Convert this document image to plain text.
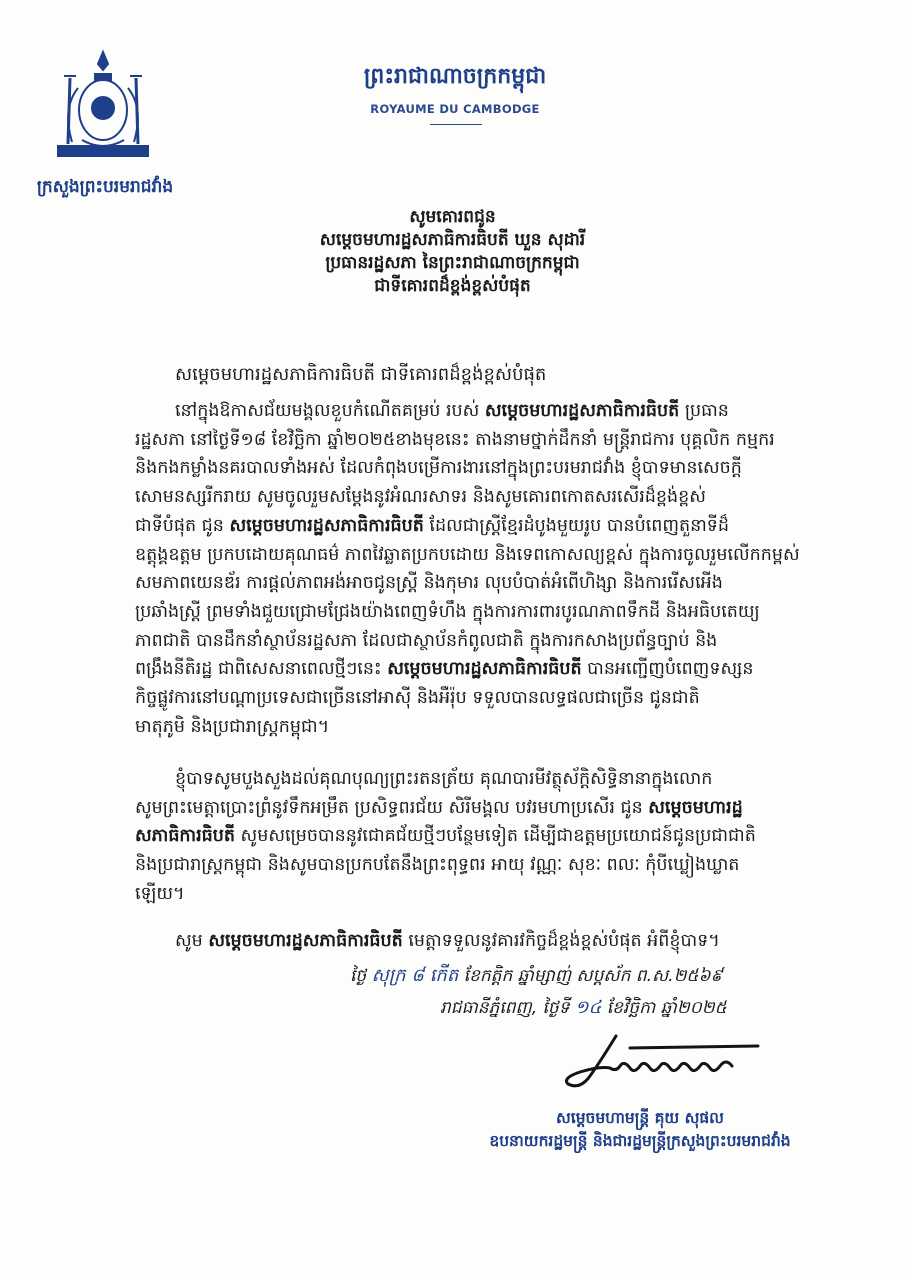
ក្រសួងព្រះបរមរាជវាំង
ព្រះរាជាណាចក្រកម្ពុជា
ROYAUME DU CAMBODGE
សូមគោរពជូន
សម្តេចមហារដ្ឋសភាធិការធិបតី ឃួន សុដារី
ប្រធានរដ្ឋសភា នៃព្រះរាជាណាចក្រកម្ពុជា
ជាទីគោរពដ៏ខ្ពង់ខ្ពស់បំផុត
សម្តេចមហារដ្ឋសភាធិការធិបតី ជាទីគោរពដ៏ខ្ពង់ខ្ពស់បំផុត
នៅក្នុងឱកាសជ័យមង្គលខួបកំណើតគម្រប់ ​របស់ សម្តេចមហារដ្ឋសភាធិការធិបតី ប្រធាន
រដ្ឋសភា នៅថ្ងៃទី១៨ ខែវិច្ឆិកា ឆ្នាំ២០២៥ខាងមុខនេះ តាងនាមថ្នាក់ដឹកនាំ មន្ត្រីរាជការ បុគ្គលិក កម្មករ
និងកងកម្លាំងនគរបាលទាំងអស់ ដែលកំពុងបម្រើការងារនៅក្នុងព្រះបរមរាជវាំង ខ្ញុំបាទមានសេចក្តី
សោមនស្សរីករាយ សូមចូលរួមសម្តែងនូវអំណរសាទរ និងសូមគោរពកោតសរសើរដ៏ខ្ពង់ខ្ពស់
ជាទីបំផុត ជូន សម្តេចមហារដ្ឋសភាធិការធិបតី ដែលជាស្ត្រីខ្មែរដំបូងមួយរូប បានបំពេញតួនាទីដ៏
ឧត្តុង្គឧត្តម ប្រកបដោយគុណធម៌ ភាពវៃឆ្លាតប្រកបដោយ និងទេពកោសល្យខ្ពស់ ក្នុងការចូលរួមលើកកម្ពស់
សមភាពយេនឌ័រ ការផ្តល់ភាពអង់អាចជូនស្ត្រី និងកុមារ លុបបំបាត់អំពើហិង្សា និងការរើសអើង
ប្រឆាំងស្ត្រី ព្រមទាំងជួយជ្រោមជ្រែងយ៉ាងពេញទំហឹង ក្នុងការការពារបូរណភាពទឹកដី និងអធិបតេយ្យ
ភាពជាតិ បានដឹកនាំស្ថាប័នរដ្ឋសភា ដែលជាស្ថាប័នកំពូលជាតិ ក្នុងការកសាងប្រព័ន្ធច្បាប់ និង
ពង្រឹងនីតិរដ្ឋ ជាពិសេសនាពេលថ្មីៗនេះ សម្តេចមហារដ្ឋសភាធិការធិបតី បានអញ្ជើញបំពេញទស្សន
កិច្ចផ្លូវការនៅបណ្តាប្រទេសជាច្រើននៅអាស៊ី និងអឺរ៉ុប ទទួលបានលទ្ធផលជាច្រើន ជូនជាតិ
មាតុភូមិ និងប្រជារាស្ត្រកម្ពុជា។
ខ្ញុំបាទសូមបួងសួងដល់គុណបុណ្យព្រះរតនត្រ័យ គុណបារមីវត្ថុស័ក្តិសិទ្ធិនានាក្នុងលោក
សូមព្រះមេត្តាប្រោះព្រំនូវទឹកអម្រឹត ប្រសិទ្ធពរជ័យ សិរីមង្គល បវរមហាប្រសើរ ជូន សម្តេចមហារដ្ឋ
សភាធិការធិបតី សូមសម្រេចបាននូវជោគជ័យថ្មីៗបន្ថែមទៀត ដើម្បីជាឧត្តមប្រយោជន៍ជូនប្រជាជាតិ
និងប្រជារាស្ត្រកម្ពុជា និងសូមបានប្រកបតែនឹងព្រះពុទ្ធពរ អាយុ វណ្ណៈ សុខៈ ពលៈ កុំបីឃ្លៀងឃ្លាត
ឡើយ។
សូម សម្តេចមហារដ្ឋសភាធិការធិបតី មេត្តាទទួលនូវគារវកិច្ចដ៏ខ្ពង់ខ្ពស់បំផុត អំពីខ្ញុំបាទ។
ថ្ងៃ សុក្រ ៨ កើត ខែកត្តិក ឆ្នាំម្សាញ់ សប្តស័ក ព.ស.២៥៦៩
រាជធានីភ្នំពេញ, ថ្ងៃទី ១៤ ខែវិច្ឆិកា ឆ្នាំ២០២៥
សម្តេចមហាមន្ត្រី គុយ សុផល
ឧបនាយករដ្ឋមន្ត្រី និងជារដ្ឋមន្ត្រីក្រសួងព្រះបរមរាជវាំង
